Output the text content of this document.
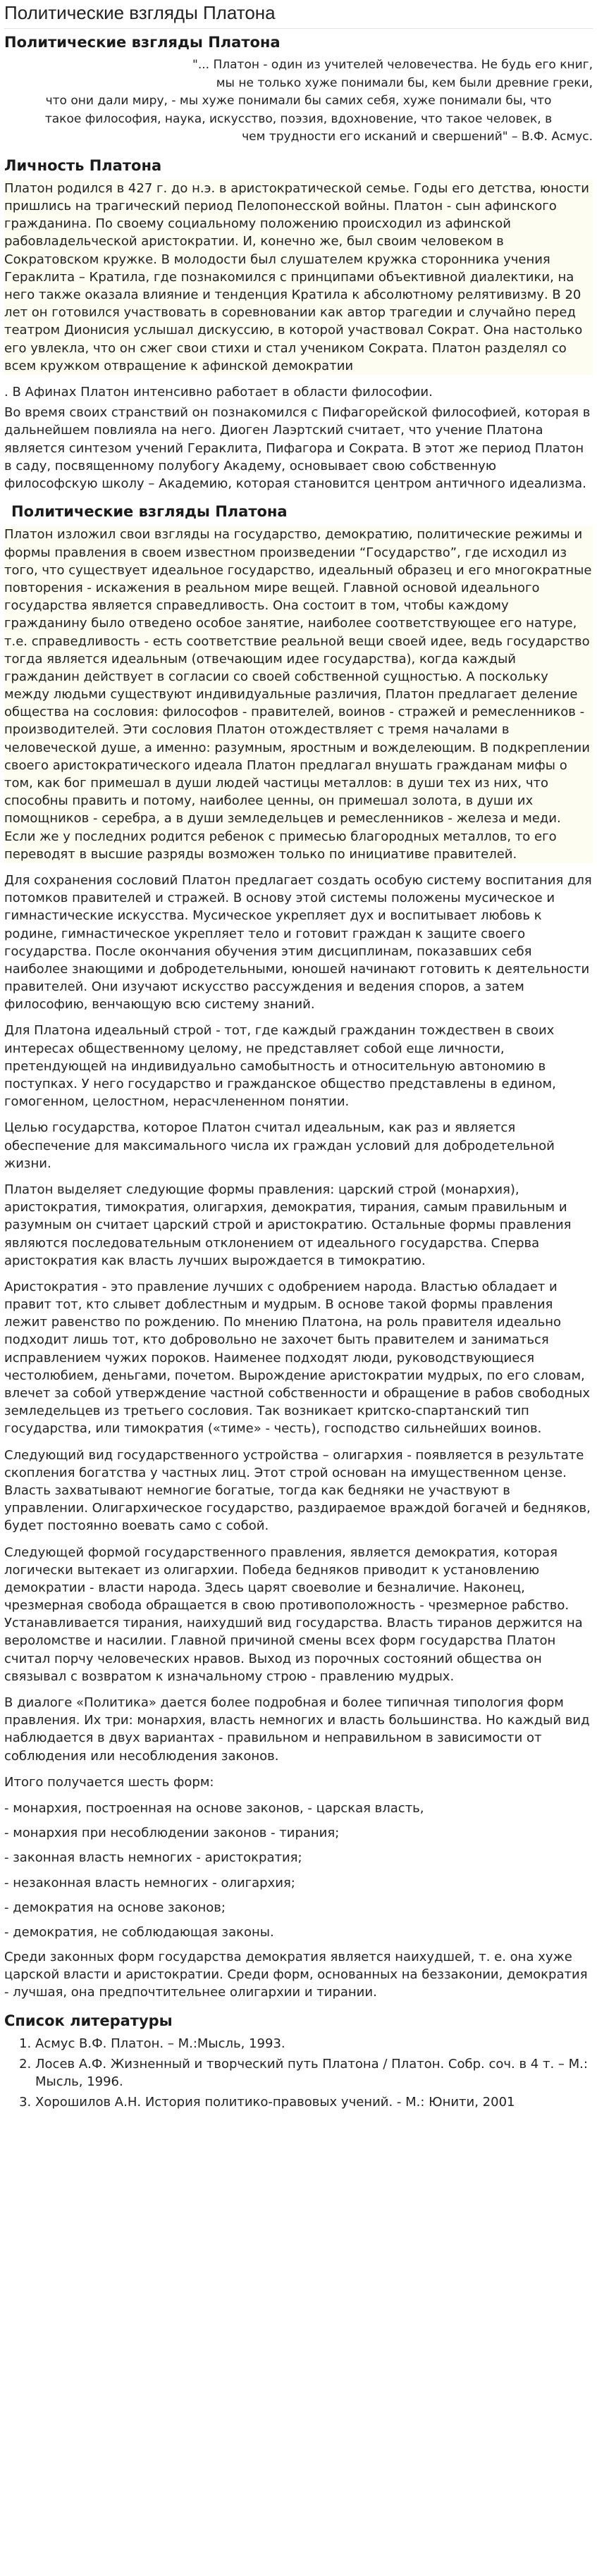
Политические взгляды Платона
Политические взгляды Платона

"... Платон - один из учителей человечества. Не будь его книг,

мы не только хуже понимали бы, кем были древние греки,

что они дали миру, - мы хуже понимали бы самих себя, хуже понимали бы, что

такое философия, наука, искусство, поэзия, вдохновение, что такое человек, в

чем трудности его исканий и свершений" – В.Ф. Асмус.

Личность Платона

Платон родился в 427 г. до н.э. в аристократической семье. Годы его детства, юности пришлись на трагический период Пелопонесской войны. Платон - сын афинского гражданина. По своему социальному положению происходил из афинской рабовладельческой аристократии. И, конечно же, был своим человеком в Сократовском кружке. В молодости был слушателем кружка сторонника учения Гераклита – Кратила, где познакомился с принципами объективной диалектики, на него также оказала влияние и тенденция Кратила к абсолютному релятивизму. В 20 лет он готовился участвовать в соревновании как автор трагедии и случайно перед театром Дионисия услышал дискуссию, в которой участвовал Сократ. Она настолько его увлекла, что он сжег свои стихи и стал учеником Сократа. Платон разделял со всем кружком отвращение к афинской демократии

. В Афинах Платон интенсивно работает в области философии.

Во время своих странствий он познакомился с Пифагорейской философией, которая в дальнейшем повлияла на него. Диоген Лаэртский считает, что учение Платона является синтезом учений Гераклита, Пифагора и Сократа. В этот же период Платон в саду, посвященному полубогу Академу, основывает свою собственную философскую школу – Академию, которая становится центром античного идеализма.

Политические взгляды Платона

Платон изложил свои взгляды на государство, демократию, политические режимы и формы правления в своем известном произведении “Государство”, где исходил из того, что существует идеальное государство, идеальный образец и его многократные повторения - искажения в реальном мире вещей. Главной основой идеального государства является справедливость. Она состоит в том, чтобы каждому гражданину было отведено особое занятие, наиболее соответствующее его натуре, т.е. справедливость - есть соответствие реальной вещи своей идее, ведь государство тогда является идеальным (отвечающим идее государства), когда каждый гражданин действует в согласии со своей собственной сущностью. А поскольку между людьми существуют индивидуальные различия, Платон предлагает деление общества на сословия: философов - правителей, воинов - стражей и ремесленников - производителей. Эти сословия Платон отождествляет с тремя началами в человеческой душе, а именно: разумным, яростным и вожделеющим. В подкреплении своего аристократического идеала Платон предлагал внушать гражданам мифы о том, как бог примешал в души людей частицы металлов: в души тех из них, что способны править и потому, наиболее ценны, он примешал золота, в души их помощников - серебра, а в души земледельцев и ремесленников - железа и меди. Если же у последних родится ребенок с примесью благородных металлов, то его переводят в высшие разряды возможен только по инициативе правителей.

Для сохранения сословий Платон предлагает создать особую систему воспитания для потомков правителей и стражей. В основу этой системы положены мусическое и гимнастические искусства. Мусическое укрепляет дух и воспитывает любовь к родине, гимнастическое укрепляет тело и готовит граждан к защите своего государства. После окончания обучения этим дисциплинам, показавших себя наиболее знающими и добродетельными, юношей начинают готовить к деятельности правителей. Они изучают искусство рассуждения и ведения споров, а затем философию, венчающую всю систему знаний.

Для Платона идеальный строй - тот, где каждый гражданин тождествен в своих интересах общественному целому, не представляет собой еще личности, претендующей на индивидуально самобытность и относительную автономию в поступках. У него государство и гражданское общество представлены в едином, гомогенном, целостном, нерасчлененном понятии.

Целью государства, которое Платон считал идеальным, как раз и является обеспечение для максимального числа их граждан условий для добродетельной жизни.

Платон выделяет следующие формы правления: царский строй (монархия), аристократия, тимократия, олигархия, демократия, тирания, самым правильным и разумным он считает царский строй и аристократию. Остальные формы правления являются последовательным отклонением от идеального государства. Сперва аристократия как власть лучших вырождается в тимократию.

Аристократия - это правление лучших с одобрением народа. Властью обладает и правит тот, кто слывет доблестным и мудрым. В основе такой формы правления лежит равенство по рождению. По мнению Платона, на роль правителя идеально подходит лишь тот, кто добровольно не захочет быть правителем и заниматься исправлением чужих пороков. Наименее подходят люди, руководствующиеся честолюбием, деньгами, почетом. Вырождение аристократии мудрых, по его словам, влечет за собой утверждение частной собственности и обращение в рабов свободных земледельцев из третьего сословия. Так возникает критско-спартанский тип государства, или тимократия («тиме» - честь), господство сильнейших воинов.

Следующий вид государственного устройства – олигархия - появляется в результате скопления богатства у частных лиц. Этот строй основан на имущественном цензе. Власть захватывают немногие богатые, тогда как бедняки не участвуют в управлении. Олигархическое государство, раздираемое враждой богачей и бедняков, будет постоянно воевать само с собой.

Следующей формой государственного правления, является демократия, которая логически вытекает из олигархии. Победа бедняков приводит к установлению демократии - власти народа. Здесь царят своеволие и безналичие. Наконец, чрезмерная свобода обращается в свою противоположность - чрезмерное рабство. Устанавливается тирания, наихудший вид государства. Власть тиранов держится на вероломстве и насилии. Главной причиной смены всех форм государства Платон считал порчу человеческих нравов. Выход из порочных состояний общества он связывал с возвратом к изначальному строю - правлению мудрых.

В диалоге «Политика» дается более подробная и более типичная типология форм правления. Их три: монархия, власть немногих и власть большинства. Но каждый вид наблюдается в двух вариантах - правильном и неправильном в зависимости от соблюдения или несоблюдения законов.

Итого получается шесть форм:

- монархия, построенная на основе законов, - царская власть,

- монархия при несоблюдении законов - тирания;

- законная власть немногих - аристократия;

- незаконная власть немногих - олигархия;

- демократия на основе законов;

- демократия, не соблюдающая законы.

Среди законных форм государства демократия является наихудшей, т. е. она хуже царской власти и аристократии. Среди форм, основанных на беззаконии, демократия - лучшая, она предпочтительнее олигархии и тирании.

Список литературы
1. Асмус В.Ф. Платон. – М.:Мысль, 1993.
2. Лосев А.Ф. Жизненный и творческий путь Платона / Платон. Собр. соч. в 4 т. – М.: Мысль, 1996.
3. Хорошилов А.Н. История политико-правовых учений. - М.: Юнити, 2001
